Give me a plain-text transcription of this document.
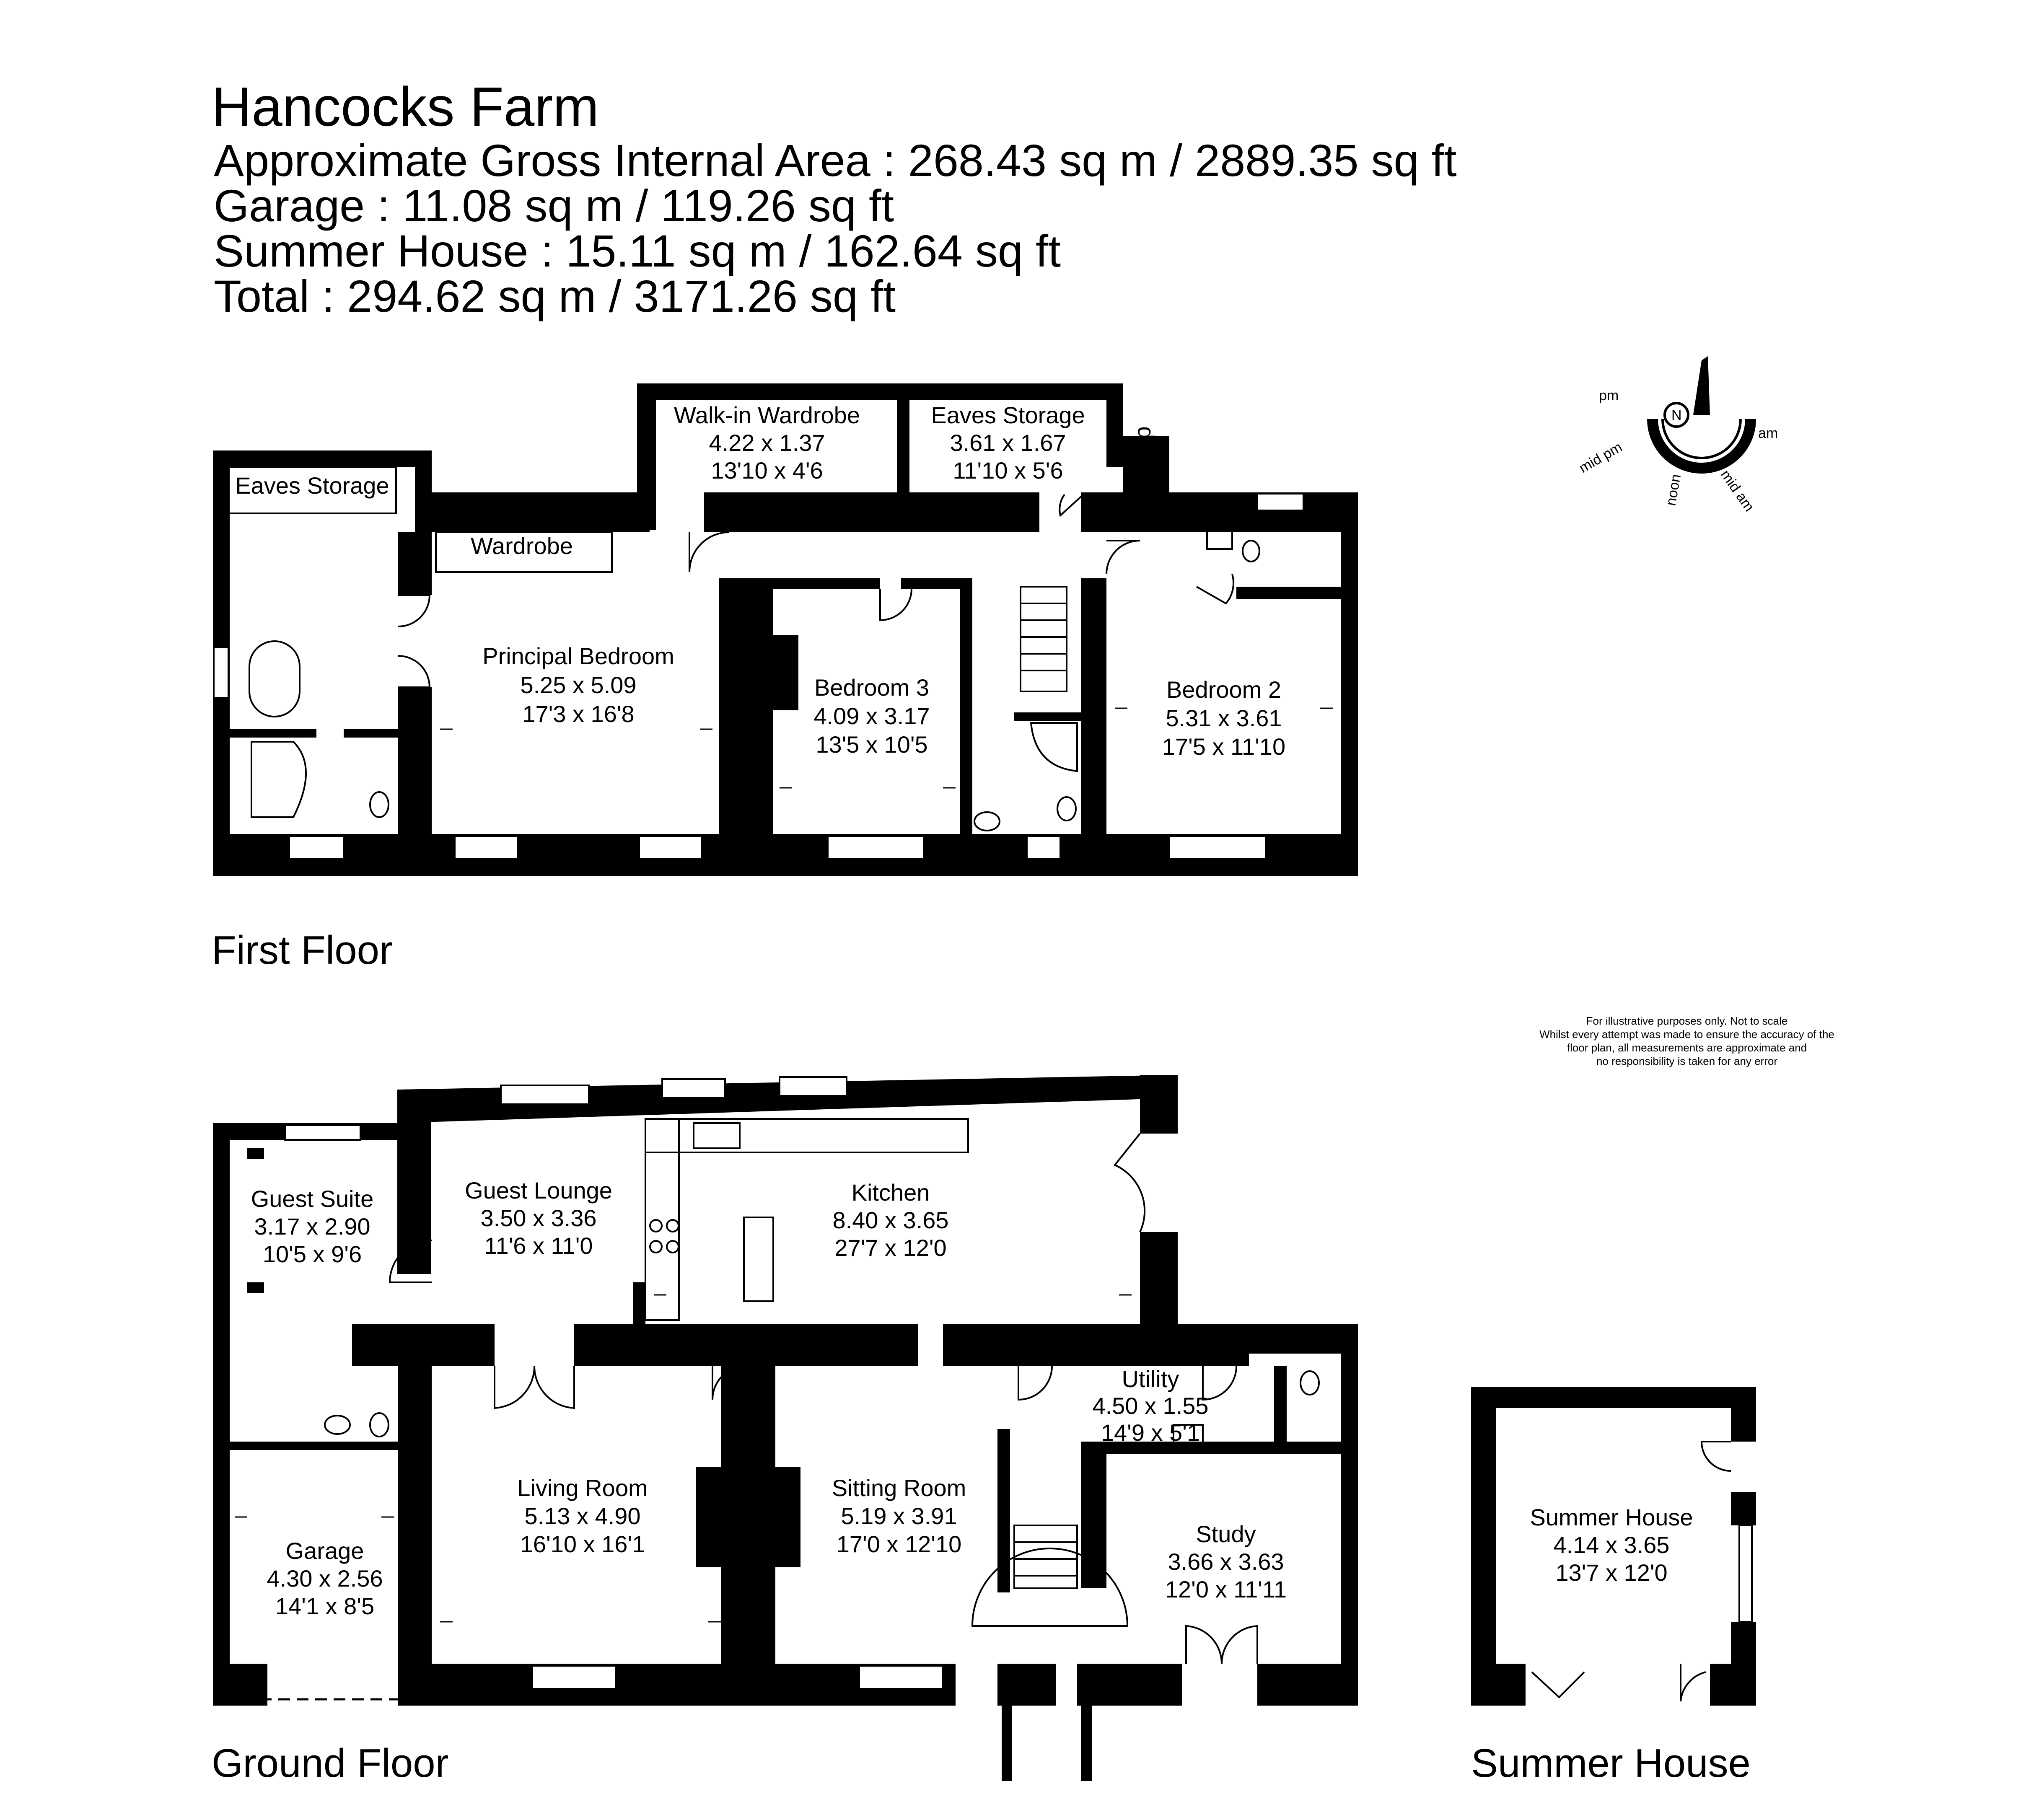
Hancocks Farm
Approximate Gross Internal Area : 268.43 sq m / 2889.35 sq ft
Garage : 11.08 sq m / 119.26 sq ft
Summer House : 15.11 sq m / 162.64 sq ft
Total : 294.62 sq m / 3171.26 sq ft
N
pm
am
mid pm
noon mid am
For illustrative purposes only. Not to scale
Whilst every attempt was made to ensure the accuracy of the
floor plan, all measurements are approximate and
no responsibility is taken for any error
Eaves Storage
Wardrobe
Walk-in Wardrobe
4.22 x 1.37
13'10 x 4'6
Eaves Storage
3.61 x 1.67
11'10 x 5'6
Principal Bedroom
5.25 x 5.09
17'3 x 16'8
Bedroom 3
4.09 x 3.17
13'5 x 10'5
Bedroom 2
5.31 x 3.61
17'5 x 11'10
Cup
First Floor
Guest Suite
3.17 x 2.90
10'5 x 9'6
Guest Lounge
3.50 x 3.36
11'6 x 11'0
Kitchen
8.40 x 3.65
27'7 x 12'0
Utility
4.50 x 1.55
14'9 x 5'1
Living Room
5.13 x 4.90
16'10 x 16'1
Sitting Room
5.19 x 3.91
17'0 x 12'10	Study
3.66 x 3.63
12'0 x 11'11
Garage
4.30 x 2.56
14'1 x 8'5
Ground Floor
Summer House
4.14 x 3.65
13'7 x 12'0
Summer House
